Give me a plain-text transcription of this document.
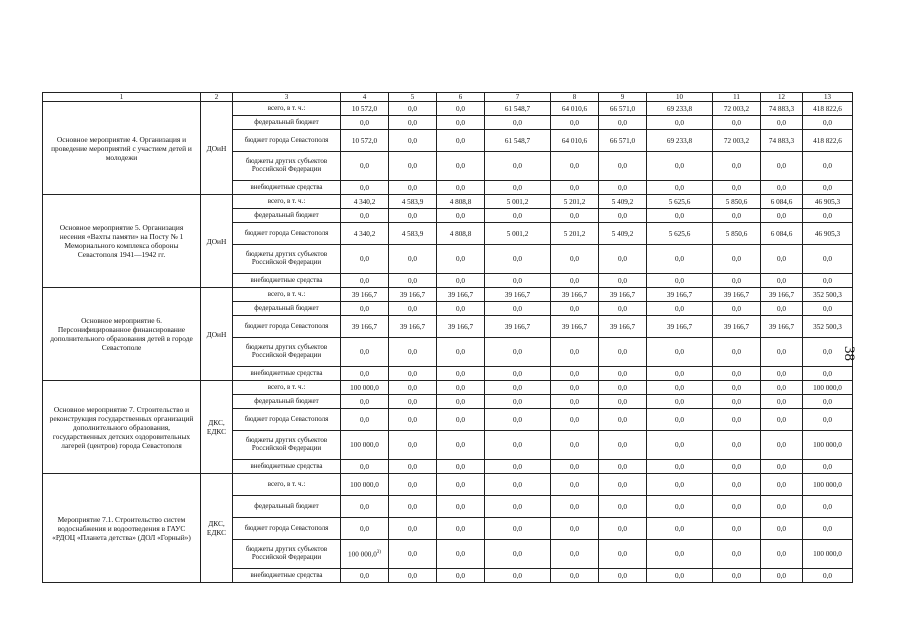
1	2	3	4	5	6	7	8	9	10	11	12	13
Основное мероприятие 4. Организация и проведение мероприятий с участием детей и молодежи	ДОиН	всего, в т. ч.:	10 572,0	0,0	0,0	61 548,7	64 010,6	66 571,0	69 233,8	72 003,2	74 883,3	418 822,6
		федеральный бюджет	0,0	0,0	0,0	0,0	0,0	0,0	0,0	0,0	0,0	0,0
		бюджет города Севастополя	10 572,0	0,0	0,0	61 548,7	64 010,6	66 571,0	69 233,8	72 003,2	74 883,3	418 822,6
		бюджеты других субъектов Российской Федерации	0,0	0,0	0,0	0,0	0,0	0,0	0,0	0,0	0,0	0,0
		внебюджетные средства	0,0	0,0	0,0	0,0	0,0	0,0	0,0	0,0	0,0	0,0
Основное мероприятие 5. Организация несения «Вахты памяти» на Посту № 1 Мемориального комплекса обороны Севастополя 1941—1942 гг.	ДОиН	всего, в т. ч.:	4 340,2	4 583,9	4 808,8	5 001,2	5 201,2	5 409,2	5 625,6	5 850,6	6 084,6	46 905,3
		федеральный бюджет	0,0	0,0	0,0	0,0	0,0	0,0	0,0	0,0	0,0	0,0
		бюджет города Севастополя	4 340,2	4 583,9	4 808,8	5 001,2	5 201,2	5 409,2	5 625,6	5 850,6	6 084,6	46 905,3
		бюджеты других субъектов Российской Федерации	0,0	0,0	0,0	0,0	0,0	0,0	0,0	0,0	0,0	0,0
		внебюджетные средства	0,0	0,0	0,0	0,0	0,0	0,0	0,0	0,0	0,0	0,0
Основное мероприятие 6. Персонифицированное финансирование дополнительного образования детей в городе Севастополе	ДОиН	всего, в т. ч.:	39 166,7	39 166,7	39 166,7	39 166,7	39 166,7	39 166,7	39 166,7	39 166,7	39 166,7	352 500,3
		федеральный бюджет	0,0	0,0	0,0	0,0	0,0	0,0	0,0	0,0	0,0	0,0
		бюджет города Севастополя	39 166,7	39 166,7	39 166,7	39 166,7	39 166,7	39 166,7	39 166,7	39 166,7	39 166,7	352 500,3
		бюджеты других субъектов Российской Федерации	0,0	0,0	0,0	0,0	0,0	0,0	0,0	0,0	0,0	0,0
		внебюджетные средства	0,0	0,0	0,0	0,0	0,0	0,0	0,0	0,0	0,0	0,0
Основное мероприятие 7. Строительство и реконструкция государственных организаций дополнительного образования, государственных детских оздоровительных лагерей (центров) города Севастополя	ДКС, ЕДКС	всего, в т. ч.:	100 000,0	0,0	0,0	0,0	0,0	0,0	0,0	0,0	0,0	100 000,0
		федеральный бюджет	0,0	0,0	0,0	0,0	0,0	0,0	0,0	0,0	0,0	0,0
		бюджет города Севастополя	0,0	0,0	0,0	0,0	0,0	0,0	0,0	0,0	0,0	0,0
		бюджеты других субъектов Российской Федерации	100 000,0	0,0	0,0	0,0	0,0	0,0	0,0	0,0	0,0	100 000,0
		внебюджетные средства	0,0	0,0	0,0	0,0	0,0	0,0	0,0	0,0	0,0	0,0
Мероприятие 7.1. Строительство систем водоснабжения и водоотведения в ГАУС «РДОЦ «Планета детства» (ДОЛ «Горный»)	ДКС, ЕДКС	всего, в т. ч.:	100 000,0	0,0	0,0	0,0	0,0	0,0	0,0	0,0	0,0	100 000,0
		федеральный бюджет	0,0	0,0	0,0	0,0	0,0	0,0	0,0	0,0	0,0	0,0
		бюджет города Севастополя	0,0	0,0	0,0	0,0	0,0	0,0	0,0	0,0	0,0	0,0
		бюджеты других субъектов Российской Федерации	100 000,0$^{3)}$	0,0	0,0	0,0	0,0	0,0	0,0	0,0	0,0	100 000,0
		внебюджетные средства	0,0	0,0	0,0	0,0	0,0	0,0	0,0	0,0	0,0	0,0
38
